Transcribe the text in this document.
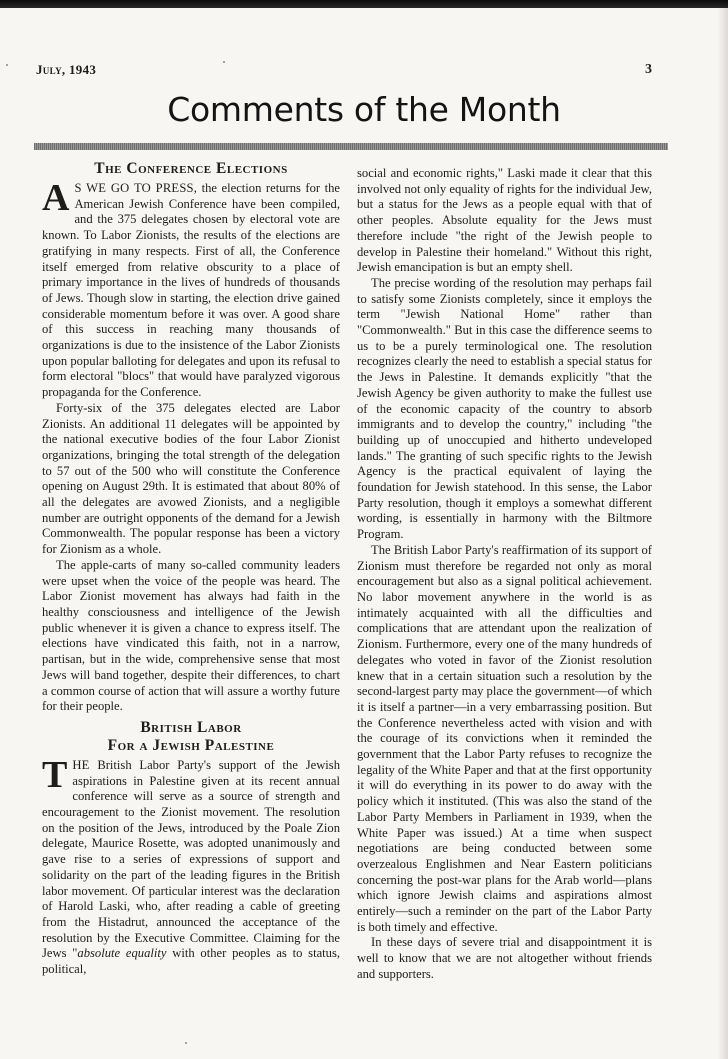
July, 1943	3
Comments of the Month
The Conference Elections

A S WE GO TO PRESS, the election returns for the American Jewish Conference have been compiled, and the 375 delegates chosen by electoral vote are known. To Labor Zionists, the results of the elections are gratifying in many respects. First of all, the Conference itself emerged from relative obscurity to a place of primary importance in the lives of hundreds of thousands of Jews. Though slow in starting, the election drive gained considerable momentum before it was over. A good share of this success in reaching many thousands of organizations is due to the insistence of the Labor Zionists upon popular balloting for delegates and upon its refusal to form electoral "blocs" that would have paralyzed vigorous propaganda for the Conference.

Forty-six of the 375 delegates elected are Labor Zionists. An additional 11 delegates will be appointed by the national executive bodies of the four Labor Zionist organizations, bringing the total strength of the delegation to 57 out of the 500 who will constitute the Conference opening on August 29th. It is estimated that about 80% of all the delegates are avowed Zionists, and a negligible number are outright opponents of the demand for a Jewish Commonwealth. The popular response has been a victory for Zionism as a whole.

The apple-carts of many so-called community leaders were upset when the voice of the people was heard. The Labor Zionist movement has always had faith in the healthy consciousness and intelligence of the Jewish public whenever it is given a chance to express itself. The elections have vindicated this faith, not in a narrow, partisan, but in the wide, comprehensive sense that most Jews will band together, despite their differences, to chart a common course of action that will assure a worthy future for their people.

British Labor
For a Jewish Palestine

THE British Labor Party's support of the Jewish aspirations in Palestine given at its recent annual conference will serve as a source of strength and encouragement to the Zionist movement. The resolution on the position of the Jews, introduced by the Poale Zion delegate, Maurice Rosette, was adopted unanimously and gave rise to a series of expressions of support and solidarity on the part of the leading figures in the British labor movement. Of particular interest was the declaration of Harold Laski, who, after reading a cable of greeting from the Histadrut, announced the acceptance of the resolution by the Executive Committee. Claiming for the Jews "absolute equality with other peoples as to status, political,

social and economic rights," Laski made it clear that this involved not only equality of rights for the individual Jew, but a status for the Jews as a people equal with that of other peoples. Absolute equality for the Jews must therefore include "the right of the Jewish people to develop in Palestine their homeland." Without this right, Jewish emancipation is but an empty shell.

The precise wording of the resolution may perhaps fail to satisfy some Zionists completely, since it employs the term "Jewish National Home" rather than "Commonwealth." But in this case the difference seems to us to be a purely terminological one. The resolution recognizes clearly the need to establish a special status for the Jews in Palestine. It demands explicitly "that the Jewish Agency be given authority to make the fullest use of the economic capacity of the country to absorb immigrants and to develop the country," including "the building up of unoccupied and hitherto undeveloped lands." The granting of such specific rights to the Jewish Agency is the practical equivalent of laying the foundation for Jewish statehood. In this sense, the Labor Party resolution, though it employs a somewhat different wording, is essentially in harmony with the Biltmore Program.

The British Labor Party's reaffirmation of its support of Zionism must therefore be regarded not only as moral encouragement but also as a signal political achievement. No labor movement anywhere in the world is as intimately acquainted with all the difficulties and complications that are attendant upon the realization of Zionism. Furthermore, every one of the many hundreds of delegates who voted in favor of the Zionist resolution knew that in a certain situation such a resolution by the second-largest party may place the government—of which it is itself a partner—in a very embarrassing position. But the Conference nevertheless acted with vision and with the courage of its convictions when it reminded the government that the Labor Party refuses to recognize the legality of the White Paper and that at the first opportunity it will do everything in its power to do away with the policy which it instituted. (This was also the stand of the Labor Party Members in Parliament in 1939, when the White Paper was issued.) At a time when suspect negotiations are being conducted between some overzealous Englishmen and Near Eastern politicians concerning the post-war plans for the Arab world—plans which ignore Jewish claims and aspirations almost entirely—such a reminder on the part of the Labor Party is both timely and effective.

In these days of severe trial and disappointment it is well to know that we are not altogether without friends and supporters.
